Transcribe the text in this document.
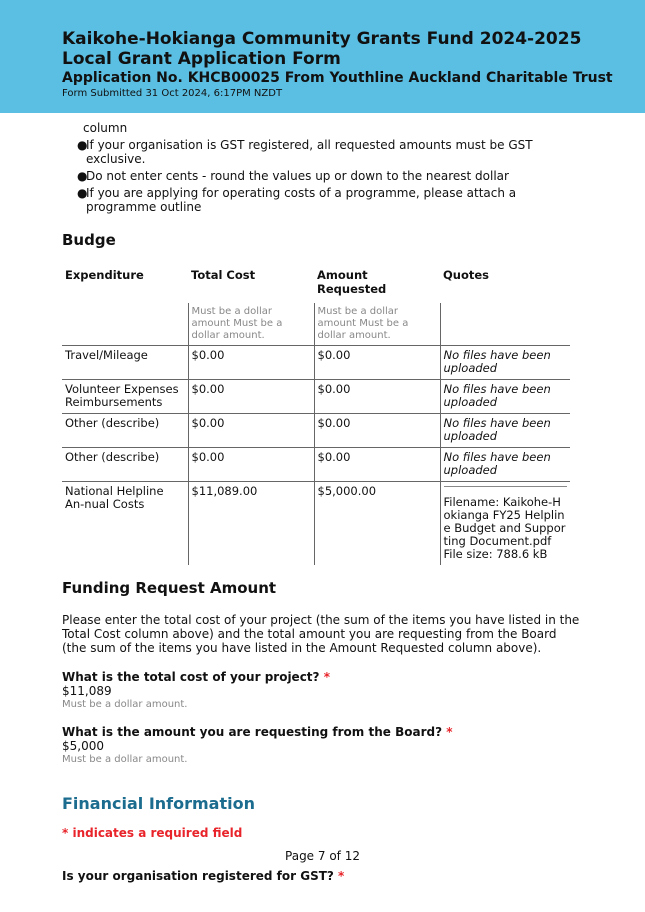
Kaikohe-Hokianga Community Grants Fund 2024-2025
Local Grant Application Form
Application No. KHCB00025 From Youthline Auckland Charitable Trust
Form Submitted 31 Oct 2024, 6:17PM NZDT
column
●
If your organisation is GST registered, all requested amounts must be GST exclusive.
●
Do not enter cents - round the values up or down to the nearest dollar
●
If you are applying for operating costs of a programme, please attach a programme outline
Budge
Expenditure	Total Cost	Amount Requested	Quotes
	Must be a dollar amount Must be a dollar amount.	Must be a dollar amount Must be a dollar amount.	
Travel/Mileage	$0.00	$0.00	No files have been uploaded
Volunteer Expenses Reimbursements	$0.00	$0.00	No files have been uploaded
Other (describe)	$0.00	$0.00	No files have been uploaded
Other (describe)	$0.00	$0.00	No files have been uploaded
National Helpline An-nual Costs	$11,089.00	$5,000.00	Filename: Kaikohe-Hokianga FY25 Helpline Budget and Supporting Document.pdf
File size: 788.6 kB
Funding Request Amount
Please enter the total cost of your project (the sum of the items you have listed in the Total Cost column above) and the total amount you are requesting from the Board (the sum of the items you have listed in the Amount Requested column above).
What is the total cost of your project? *
$11,089
Must be a dollar amount.
What is the amount you are requesting from the Board? *
$5,000
Must be a dollar amount.
Financial Information
* indicates a required field
Is your organisation registered for GST? *
Page 7 of 12
